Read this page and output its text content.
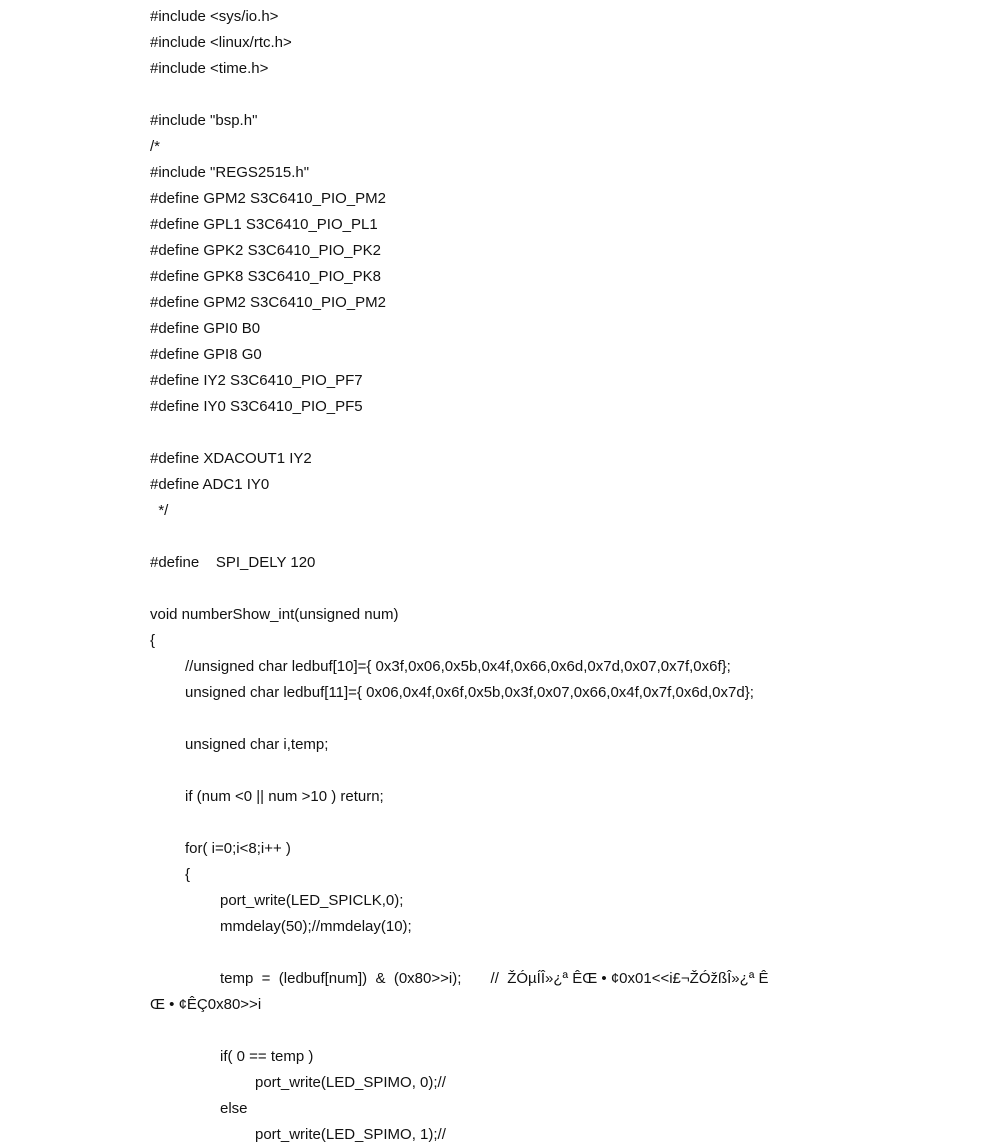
#include <sys/io.h>
#include <linux/rtc.h>
#include <time.h>
#include "bsp.h"
/*
#include "REGS2515.h"
#define GPM2 S3C6410_PIO_PM2
#define GPL1 S3C6410_PIO_PL1
#define GPK2 S3C6410_PIO_PK2
#define GPK8 S3C6410_PIO_PK8
#define GPM2 S3C6410_PIO_PM2
#define GPI0 B0
#define GPI8 G0
#define IY2 S3C6410_PIO_PF7
#define IY0 S3C6410_PIO_PF5
#define XDACOUT1 IY2
#define ADC1 IY0
*/
#define    SPI_DELY 120
void numberShow_int(unsigned num)
{
//unsigned char ledbuf[10]={ 0x3f,0x06,0x5b,0x4f,0x66,0x6d,0x7d,0x07,0x7f,0x6f};
unsigned char ledbuf[11]={ 0x06,0x4f,0x6f,0x5b,0x3f,0x07,0x66,0x4f,0x7f,0x6d,0x7d};
unsigned char i,temp;
if (num <0 || num >10 ) return;
for( i=0;i<8;i++ )
{
port_write(LED_SPICLK,0);
mmdelay(50);//mmdelay(10);
temp  =  (ledbuf[num])  &  (0x80>>i);       //  ŽÓµÍÎ»¿ª ÊŒ • ¢0x01<<i£¬ŽÓžßÎ»¿ª Ê
Œ • ¢ÊÇ0x80>>i
if( 0 == temp )
port_write(LED_SPIMO, 0);//
else
port_write(LED_SPIMO, 1);//
